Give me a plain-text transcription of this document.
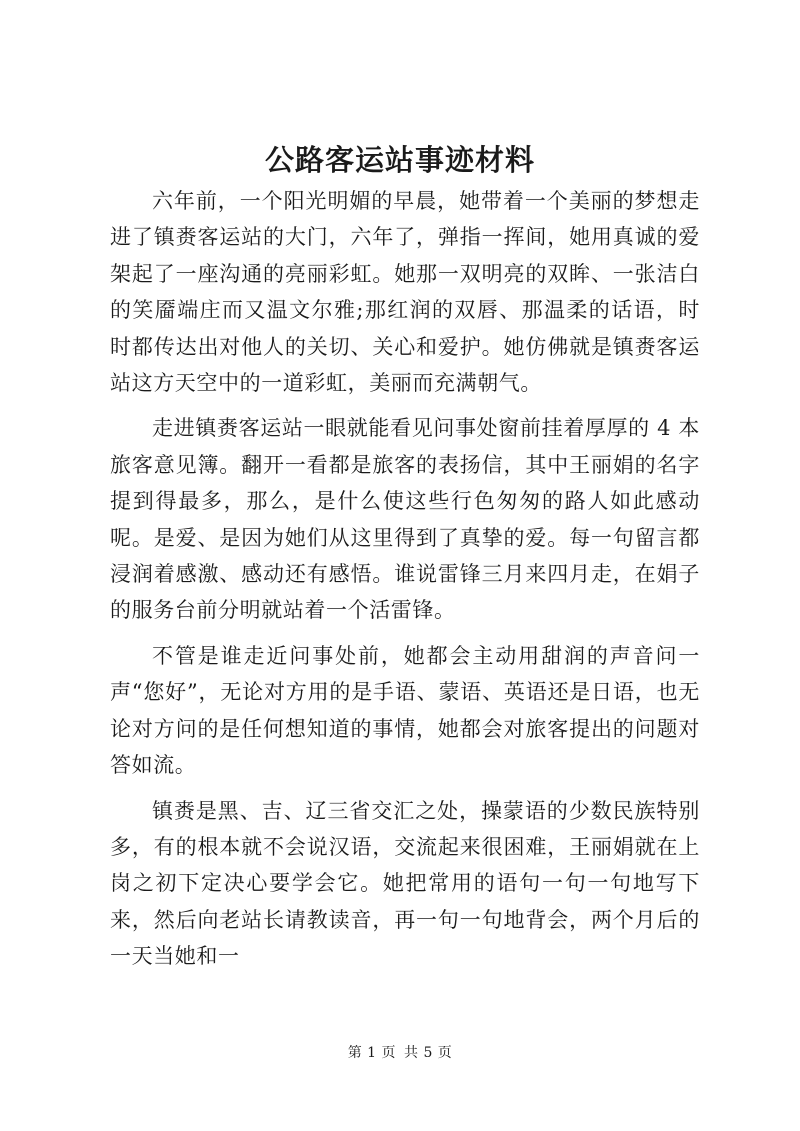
公路客运站事迹材料

六年前，一个阳光明媚的早晨，她带着一个美丽的梦想走进了镇赉客运站的大门，六年了，弹指一挥间，她用真诚的爱架起了一座沟通的亮丽彩虹。她那一双明亮的双眸、一张洁白的笑靥端庄而又温文尔雅;那红润的双唇、那温柔的话语，时时都传达出对他人的关切、关心和爱护。她仿佛就是镇赉客运站这方天空中的一道彩虹，美丽而充满朝气。

走进镇赉客运站一眼就能看见问事处窗前挂着厚厚的 4 本旅客意见簿。翻开一看都是旅客的表扬信，其中王丽娟的名字提到得最多，那么，是什么使这些行色匆匆的路人如此感动呢。是爱、是因为她们从这里得到了真挚的爱。每一句留言都浸润着感激、感动还有感悟。谁说雷锋三月来四月走，在娟子的服务台前分明就站着一个活雷锋。

不管是谁走近问事处前，她都会主动用甜润的声音问一声“您好”，无论对方用的是手语、蒙语、英语还是日语，也无论对方问的是任何想知道的事情，她都会对旅客提出的问题对答如流。

镇赉是黑、吉、辽三省交汇之处，操蒙语的少数民族特别多，有的根本就不会说汉语，交流起来很困难，王丽娟就在上岗之初下定决心要学会它。她把常用的语句一句一句地写下来，然后向老站长请教读音，再一句一句地背会，两个月后的一天当她和一

第 1 页 共 5 页
